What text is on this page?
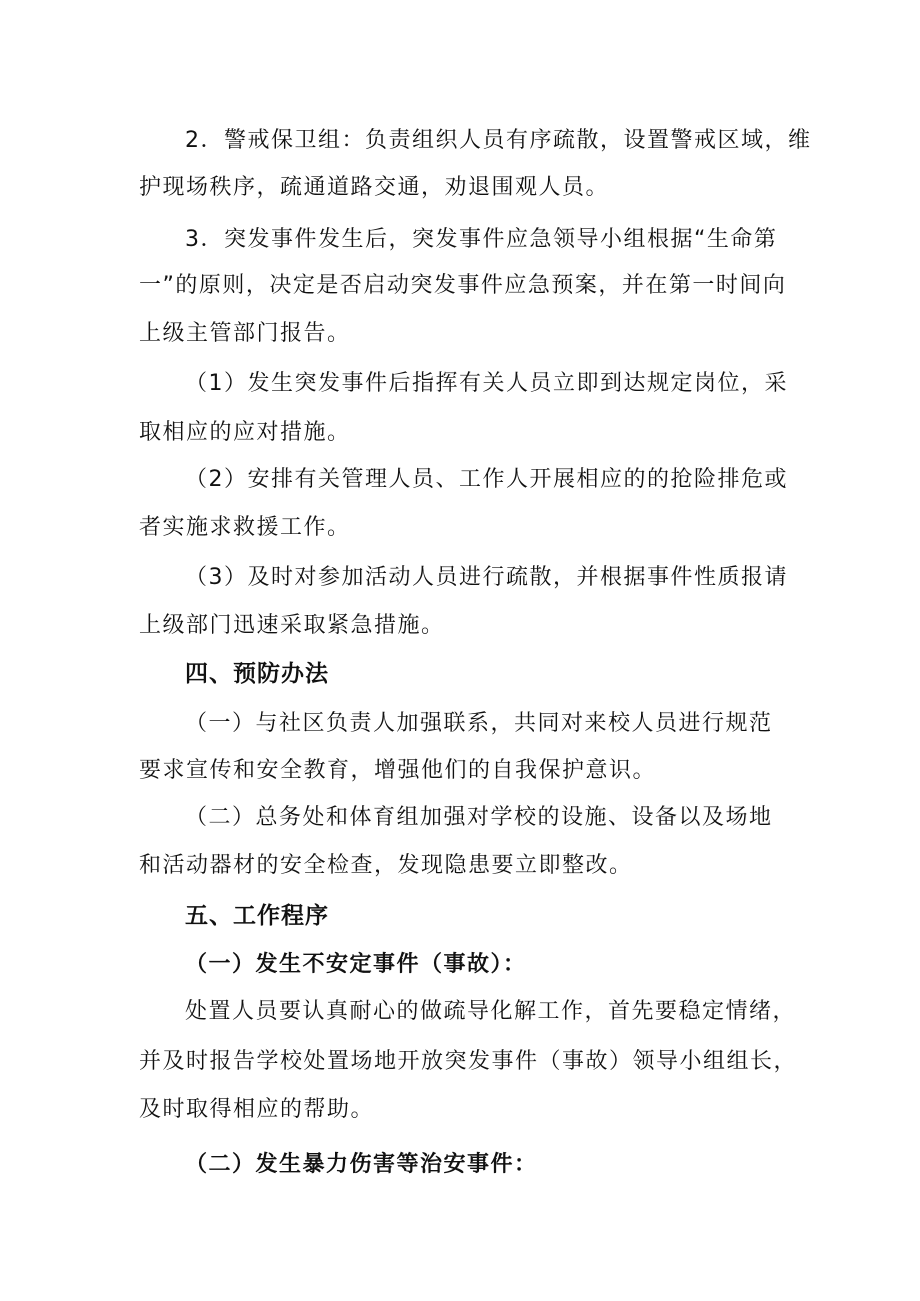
2．警戒保卫组：负责组织人员有序疏散，设置警戒区域，维
护现场秩序，疏通道路交通，劝退围观人员。
3．突发事件发生后，突发事件应急领导小组根据“生命第
一”的原则，决定是否启动突发事件应急预案，并在第一时间向
上级主管部门报告。
（1）发生突发事件后指挥有关人员立即到达规定岗位，采
取相应的应对措施。
（2）安排有关管理人员、工作人开展相应的的抢险排危或
者实施求救援工作。
（3）及时对参加活动人员进行疏散，并根据事件性质报请
上级部门迅速采取紧急措施。
四、预防办法
（一）与社区负责人加强联系，共同对来校人员进行规范
要求宣传和安全教育，增强他们的自我保护意识。
（二）总务处和体育组加强对学校的设施、设备以及场地
和活动器材的安全检查，发现隐患要立即整改。
五、工作程序
（一）发生不安定事件（事故）：
处置人员要认真耐心的做疏导化解工作，首先要稳定情绪，
并及时报告学校处置场地开放突发事件（事故）领导小组组长，
及时取得相应的帮助。
（二）发生暴力伤害等治安事件：
